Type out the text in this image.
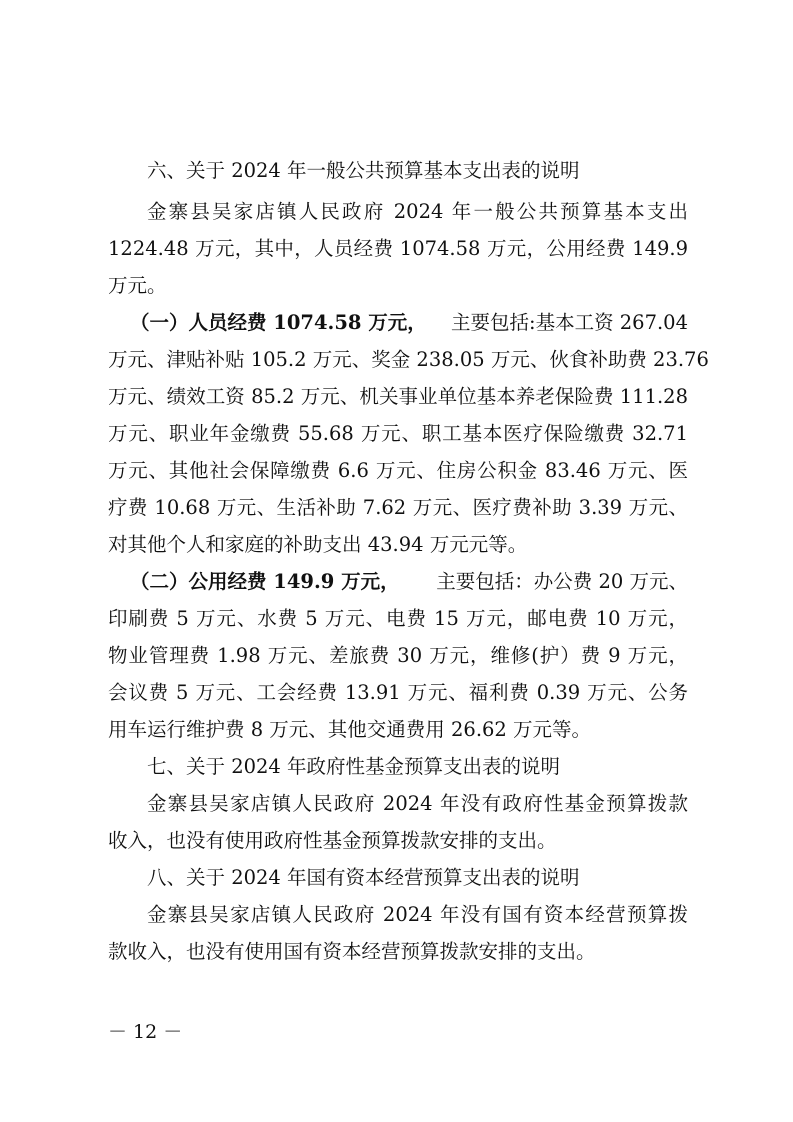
六、关于 2024 年一般公共预算基本支出表的说明
金寨县吴家店镇人民政府 2024 年一般公共预算基本支出
1224.48 万元，其中，人员经费 1074.58 万元，公用经费 149.9
万元。
（一）人员经费 1074.58 万元， 主要包括:基本工资 267.04
万元、津贴补贴 105.2 万元、奖金 238.05 万元、伙食补助费 23.76
万元、绩效工资 85.2 万元、机关事业单位基本养老保险费 111.28
万元、职业年金缴费 55.68 万元、职工基本医疗保险缴费 32.71
万元、其他社会保障缴费 6.6 万元、住房公积金 83.46 万元、医
疗费 10.68 万元、生活补助 7.62 万元、医疗费补助 3.39 万元、
对其他个人和家庭的补助支出 43.94 万元元等。
（二）公用经费 149.9 万元， 主要包括：办公费 20 万元、
印刷费 5 万元、水费 5 万元、电费 15 万元，邮电费 10 万元，
物业管理费 1.98 万元、差旅费 30 万元，维修(护）费 9 万元，
会议费 5 万元、工会经费 13.91 万元、福利费 0.39 万元、公务
用车运行维护费 8 万元、其他交通费用 26.62 万元等。
七、关于 2024 年政府性基金预算支出表的说明
金寨县吴家店镇人民政府 2024 年没有政府性基金预算拨款
收入，也没有使用政府性基金预算拨款安排的支出。
八、关于 2024 年国有资本经营预算支出表的说明
金寨县吴家店镇人民政府 2024 年没有国有资本经营预算拨
款收入，也没有使用国有资本经营预算拨款安排的支出。
－ 12 －
